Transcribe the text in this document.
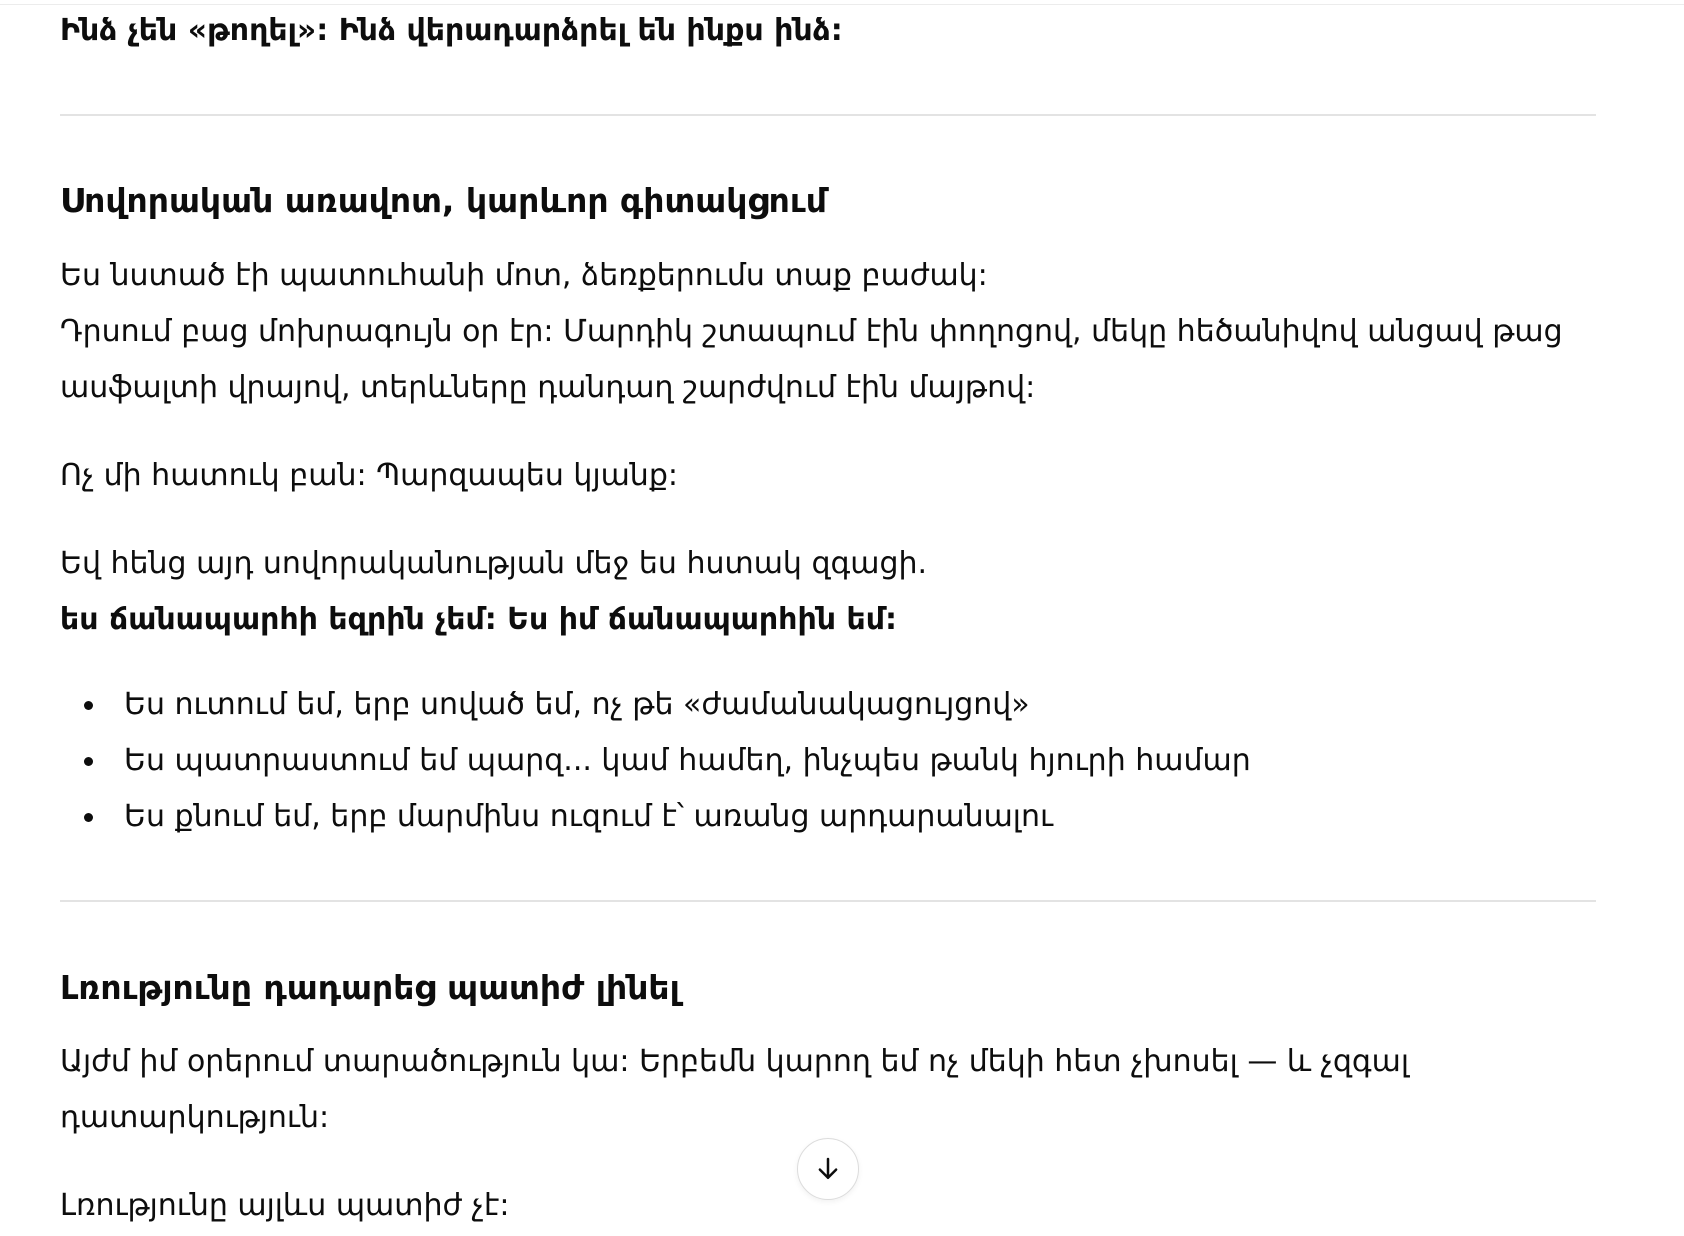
Ինձ չեն «թողել»: Ինձ վերադարձրել են ինքս ինձ:

Սովորական առավոտ, կարևոր գիտակցում

Ես նստած էի պատուհանի մոտ, ձեռքերումս տաք բաժակ:

Դրսում բաց մոխրագույն օր էր: Մարդիկ շտապում էին փողոցով, մեկը հեծանիվով անցավ թաց

ասֆալտի վրայով, տերևները դանդաղ շարժվում էին մայթով:

Ոչ մի հատուկ բան: Պարզապես կյանք:

Եվ հենց այդ սովորականության մեջ ես հստակ զգացի.

ես ճանապարհի եզրին չեմ: Ես իմ ճանապարհին եմ:

Ես ուտում եմ, երբ սոված եմ, ոչ թե «ժամանակացույցով»
Ես պատրաստում եմ պարզ... կամ համեղ, ինչպես թանկ հյուրի համար
Ես քնում եմ, երբ մարմինս ուզում է՝ առանց արդարանալու
Լռությունը դադարեց պատիժ լինել

Այժմ իմ օրերում տարածություն կա: Երբեմն կարող եմ ոչ մեկի հետ չխոսել — և չզգալ

դատարկություն:

Լռությունը այլևս պատիժ չէ:
